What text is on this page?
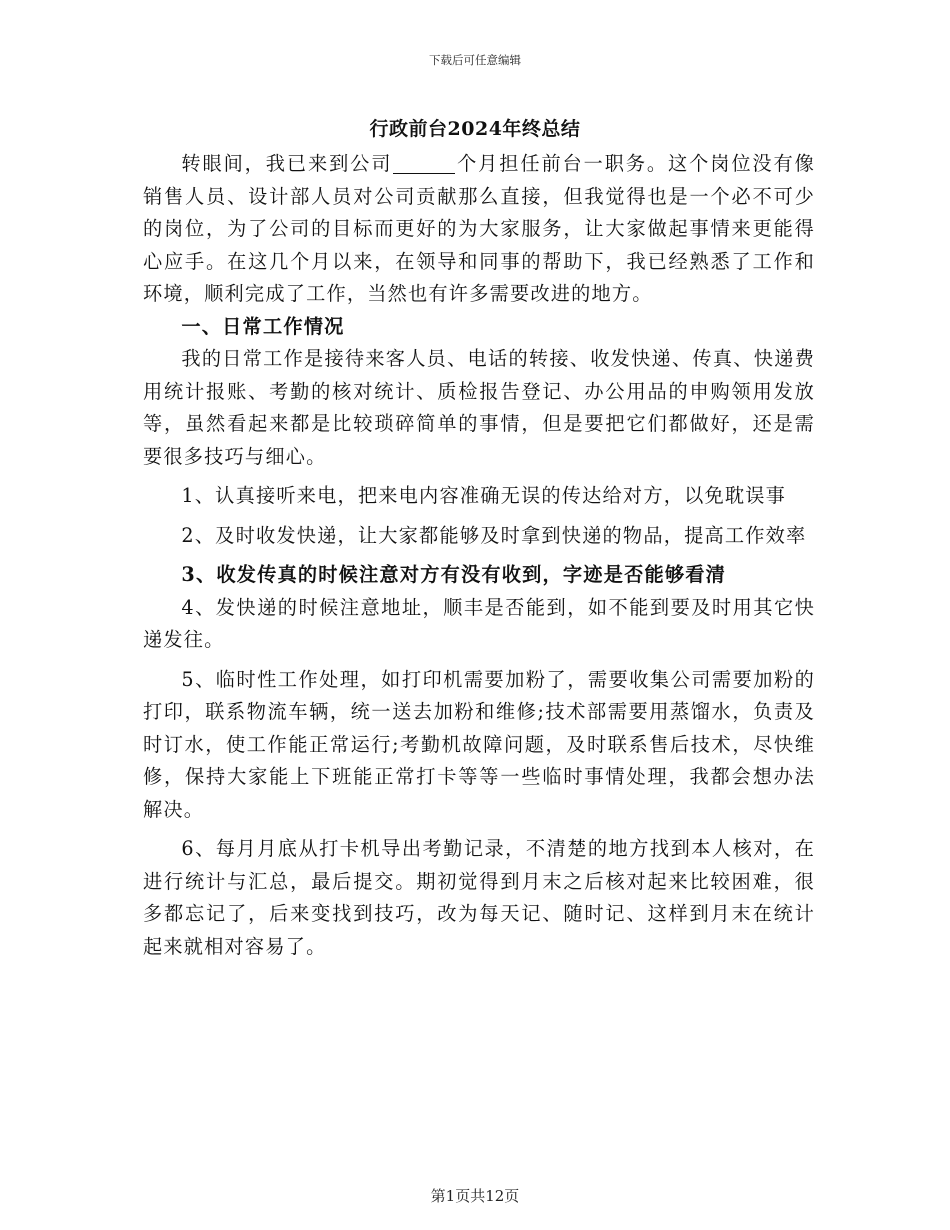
下载后可任意编辑
行政前台2024年终总结

转眼间，我已来到公司	个月担任前台一职务。这个岗位没有像销售人员、设计部人员对公司贡献那么直接，但我觉得也是一个必不可少的岗位，为了公司的目标而更好的为大家服务，让大家做起事情来更能得心应手。在这几个月以来，在领导和同事的帮助下，我已经熟悉了工作和环境，顺利完成了工作，当然也有许多需要改进的地方。

一、日常工作情况

我的日常工作是接待来客人员、电话的转接、收发快递、传真、快递费用统计报账、考勤的核对统计、质检报告登记、办公用品的申购领用发放等，虽然看起来都是比较琐碎简单的事情，但是要把它们都做好，还是需要很多技巧与细心。

1、认真接听来电，把来电内容准确无误的传达给对方，以免耽误事

2、及时收发快递，让大家都能够及时拿到快递的物品，提高工作效率

3、收发传真的时候注意对方有没有收到，字迹是否能够看清

4、发快递的时候注意地址，顺丰是否能到，如不能到要及时用其它快递发往。

5、临时性工作处理，如打印机需要加粉了，需要收集公司需要加粉的打印，联系物流车辆，统一送去加粉和维修;技术部需要用蒸馏水，负责及时订水，使工作能正常运行;考勤机故障问题，及时联系售后技术，尽快维修，保持大家能上下班能正常打卡等等一些临时事情处理，我都会想办法解决。

6、每月月底从打卡机导出考勤记录，不清楚的地方找到本人核对，在进行统计与汇总，最后提交。期初觉得到月末之后核对起来比较困难，很多都忘记了，后来变找到技巧，改为每天记、随时记、这样到月末在统计起来就相对容易了。

第1页共12页
